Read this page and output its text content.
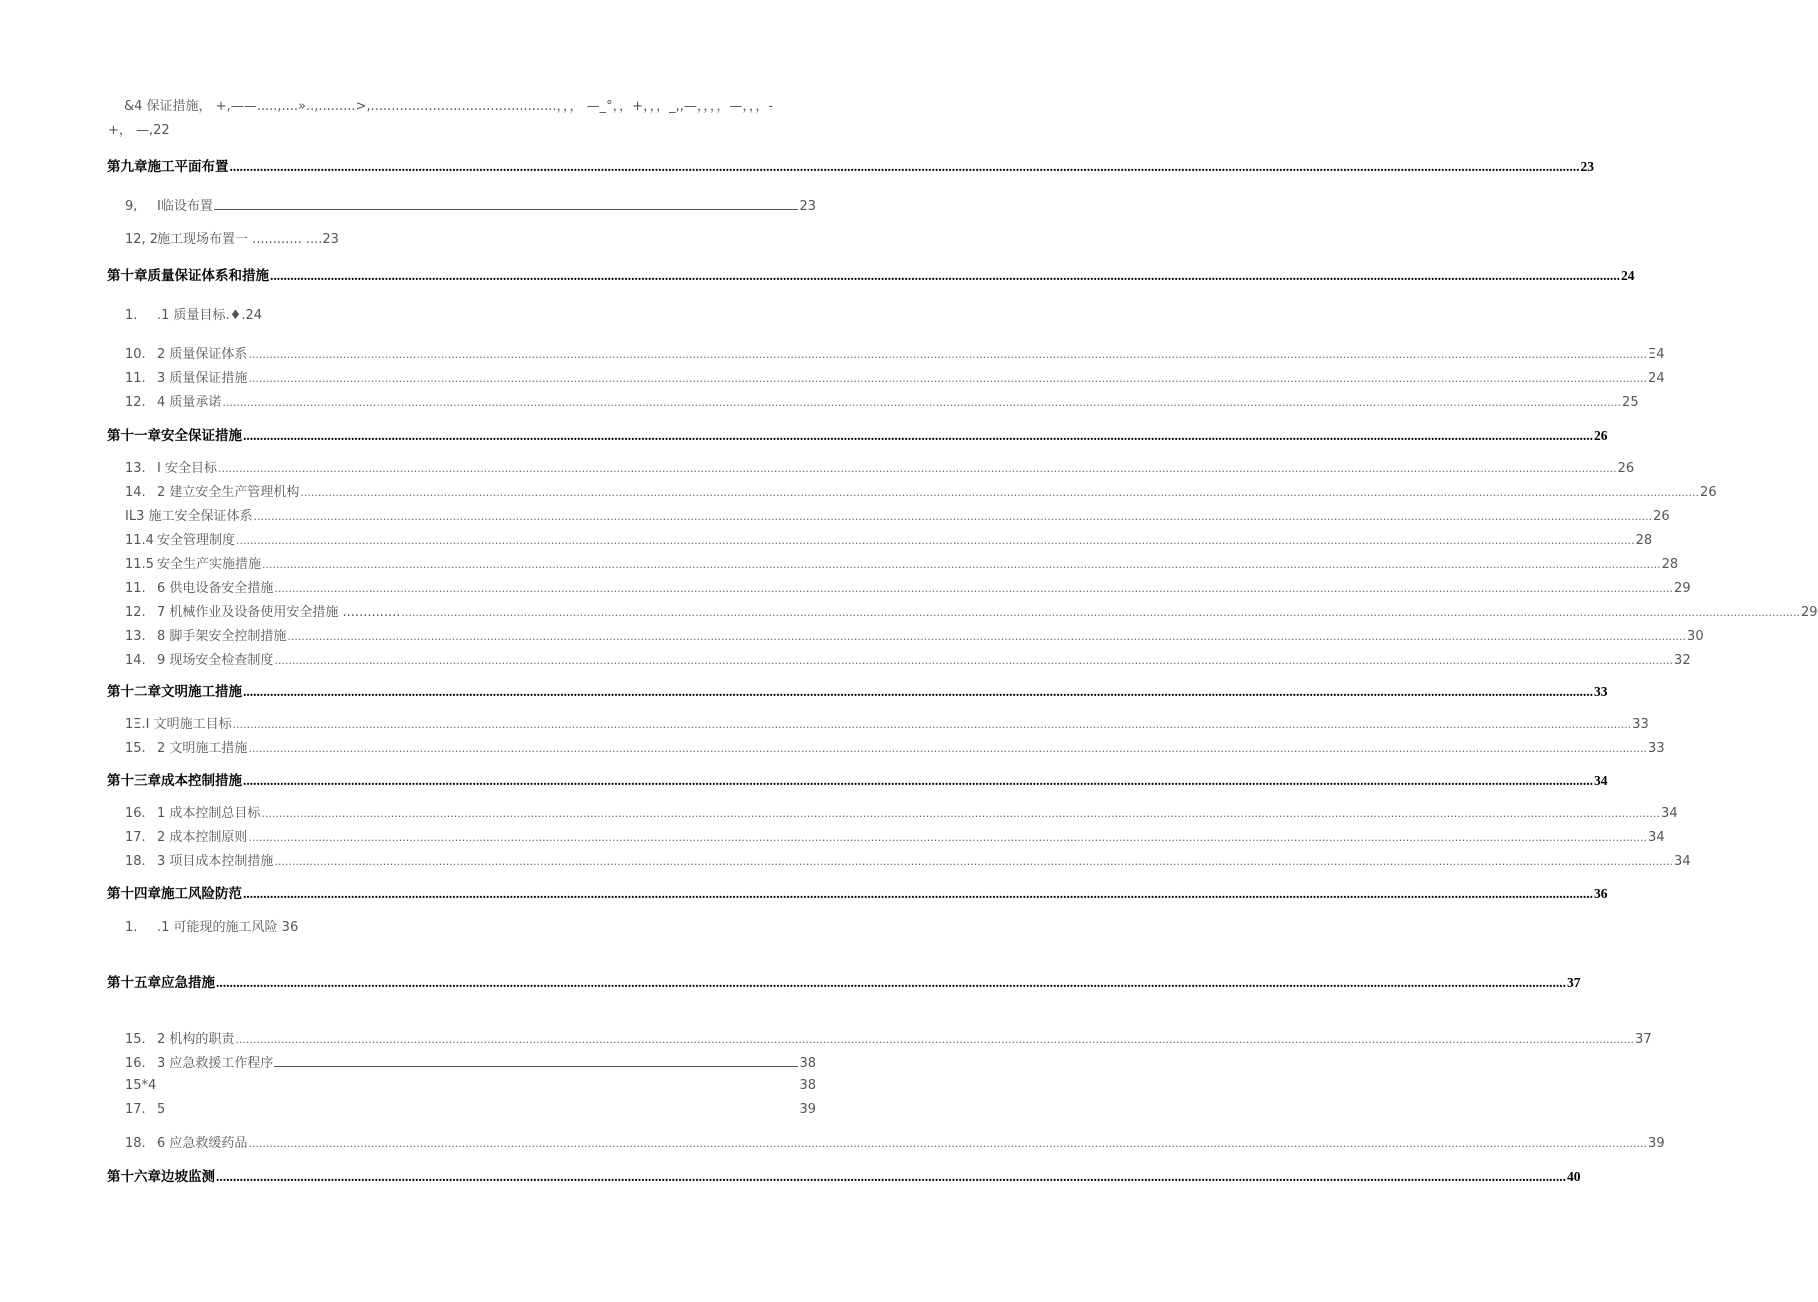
&4 保证措施， +,——.....,....»..,.........>,.............................................，，， —_°，，+，，，_,,—，，，，—，，，-
+， —,22
第九章施工平面布置 ................................................................................................................................................................................................................................................................................................................................................................................................................ 23
9, I临设布置	23
12, 2施工现场布置一 ............ ....23
第十章质量保证体系和措施 ................................................................................................................................................................................................................................................................................................................................................................................................................ 24
1. .1 质量目标.♦.24
10. 2 质量保证体系 ................................................................................................................................................................................................................................................................................................................................................................................................................ Ξ4
11. 3 质量保证措施 ................................................................................................................................................................................................................................................................................................................................................................................................................ 24
12. 4 质量承诺 ................................................................................................................................................................................................................................................................................................................................................................................................................ 25
第十一章安全保证措施 ................................................................................................................................................................................................................................................................................................................................................................................................................ 26
13. I 安全目标 ................................................................................................................................................................................................................................................................................................................................................................................................................ 26
14. 2 建立安全生产管理机构 ................................................................................................................................................................................................................................................................................................................................................................................................................ 26
IL3 施工安全保证体系 ................................................................................................................................................................................................................................................................................................................................................................................................................ 26
11.4 安全管理制度 ................................................................................................................................................................................................................................................................................................................................................................................................................ 28
11.5 安全生产实施措施 ................................................................................................................................................................................................................................................................................................................................................................................................................ 28
11. 6 供电设备安全措施 ................................................................................................................................................................................................................................................................................................................................................................................................................ 29
12. 7 机械作业及设备使用安全措施 .............. ................................................................................................................................................................................................................................................................................................................................................................................................................ 29
13. 8 脚手架安全控制措施 ................................................................................................................................................................................................................................................................................................................................................................................................................ 30
14. 9 现场安全检查制度 ................................................................................................................................................................................................................................................................................................................................................................................................................ 32
第十二章文明施工措施 ................................................................................................................................................................................................................................................................................................................................................................................................................ 33
1Ξ.I 文明施工目标 ................................................................................................................................................................................................................................................................................................................................................................................................................ 33
15. 2 文明施工措施 ................................................................................................................................................................................................................................................................................................................................................................................................................ 33
第十三章成本控制措施 ................................................................................................................................................................................................................................................................................................................................................................................................................ 34
16. 1 成本控制总目标 ................................................................................................................................................................................................................................................................................................................................................................................................................ 34
17. 2 成本控制原则 ................................................................................................................................................................................................................................................................................................................................................................................................................ 34
18. 3 项目成本控制措施 ................................................................................................................................................................................................................................................................................................................................................................................................................ 34
第十四章施工风险防范 ................................................................................................................................................................................................................................................................................................................................................................................................................ 36
1. .1 可能现的施工风险 36
第十五章应急措施 ................................................................................................................................................................................................................................................................................................................................................................................................................ 37
15. 2 机构的职责 ................................................................................................................................................................................................................................................................................................................................................................................................................ 37
16. 3 应急救援工作程序	38
15*4	38
17. 5	39
18. 6 应急救缓药品 ................................................................................................................................................................................................................................................................................................................................................................................................................ 39
第十六章边坡监测 ................................................................................................................................................................................................................................................................................................................................................................................................................ 40
